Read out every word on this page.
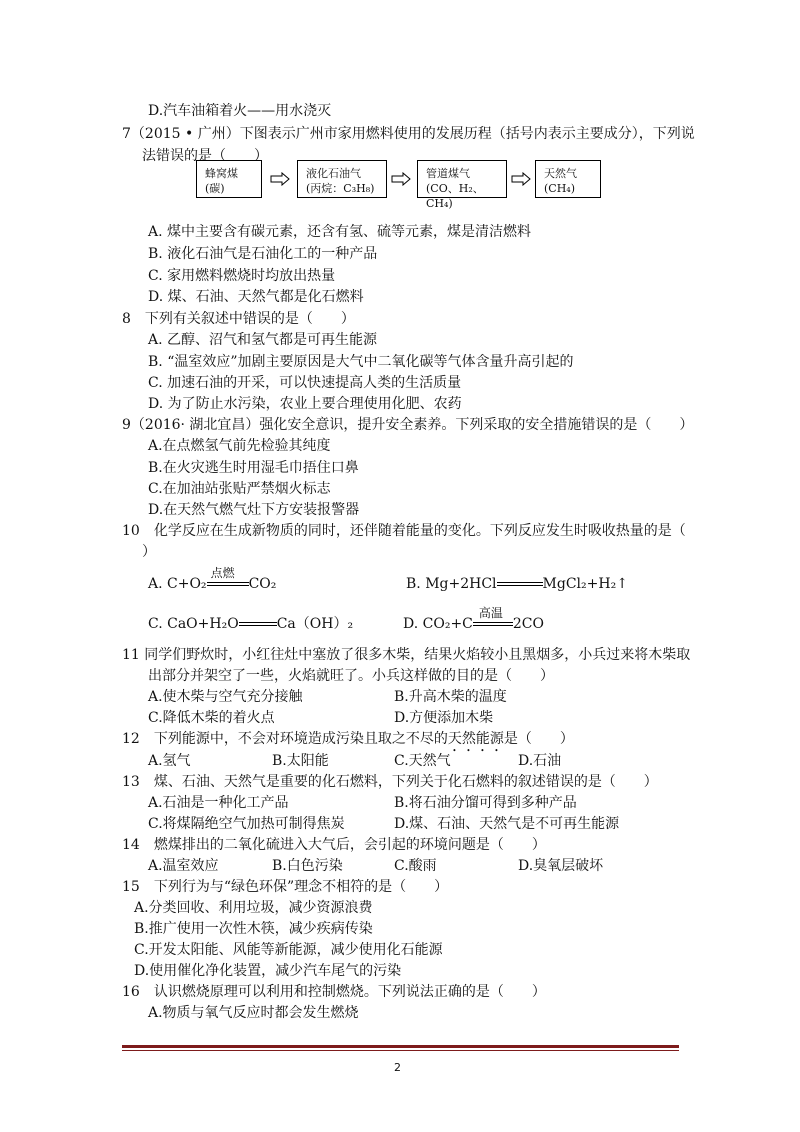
D.汽车油箱着火——用水浇灭
7（2015 • 广州）下图表示广州市家用燃料使用的发展历程（括号内表示主要成分），下列说
法错误的是（　　）
蜂窝煤
(碳)
液化石油气
(丙烷：C₃H₈)
管道煤气
(CO、H₂、CH₄)
天然气
(CH₄)
A. 煤中主要含有碳元素，还含有氢、硫等元素，煤是清洁燃料
B. 液化石油气是石油化工的一种产品
C. 家用燃料燃烧时均放出热量
D. 煤、石油、天然气都是化石燃料
8　下列有关叙述中错误的是（　　）
A. 乙醇、沼气和氢气都是可再生能源
B. “温室效应”加剧主要原因是大气中二氧化碳等气体含量升高引起的
C. 加速石油的开采，可以快速提高人类的生活质量
D. 为了防止水污染，农业上要合理使用化肥、农药
9（2016· 湖北宜昌）强化安全意识，提升安全素养。下列采取的安全措施错误的是（　　）
A.在点燃氢气前先检验其纯度
B.在火灾逃生时用湿毛巾捂住口鼻
C.在加油站张贴严禁烟火标志
D.在天然气燃气灶下方安装报警器
10　化学反应在生成新物质的同时，还伴随着能量的变化。下列反应发生时吸收热量的是（
）
A. C+O₂
点燃
CO₂	B. Mg+2HCl	MgCl₂+H₂↑
C. CaO+H₂O	Ca（OH）₂	D. CO₂+C
高温
2CO
11 同学们野炊时，小红往灶中塞放了很多木柴，结果火焰较小且黑烟多，小兵过来将木柴取
出部分并架空了一些，火焰就旺了。小兵这样做的目的是（　　）
A.使木柴与空气充分接触	B.升高木柴的温度
C.降低木柴的着火点	D.方便添加木柴
12　下列能源中，不会对环境造成污染且取之不尽的天然能源是（　　）
A.氢气	B.太阳能	C.天然气	D.石油
13　煤、石油、天然气是重要的化石燃料，下列关于化石燃料的叙述错误的是（　　）
A.石油是一种化工产品	B.将石油分馏可得到多种产品
C.将煤隔绝空气加热可制得焦炭	D.煤、石油、天然气是不可再生能源
14　燃煤排出的二氧化硫进入大气后，会引起的环境问题是（　　）
A.温室效应	B.白色污染	C.酸雨	D.臭氧层破坏
15　下列行为与“绿色环保”理念不相符的是（　　）
A.分类回收、利用垃圾，减少资源浪费
B.推广使用一次性木筷，减少疾病传染
C.开发太阳能、风能等新能源，减少使用化石能源
D.使用催化净化装置，减少汽车尾气的污染
16　认识燃烧原理可以利用和控制燃烧。下列说法正确的是（　　）
A.物质与氧气反应时都会发生燃烧
2
